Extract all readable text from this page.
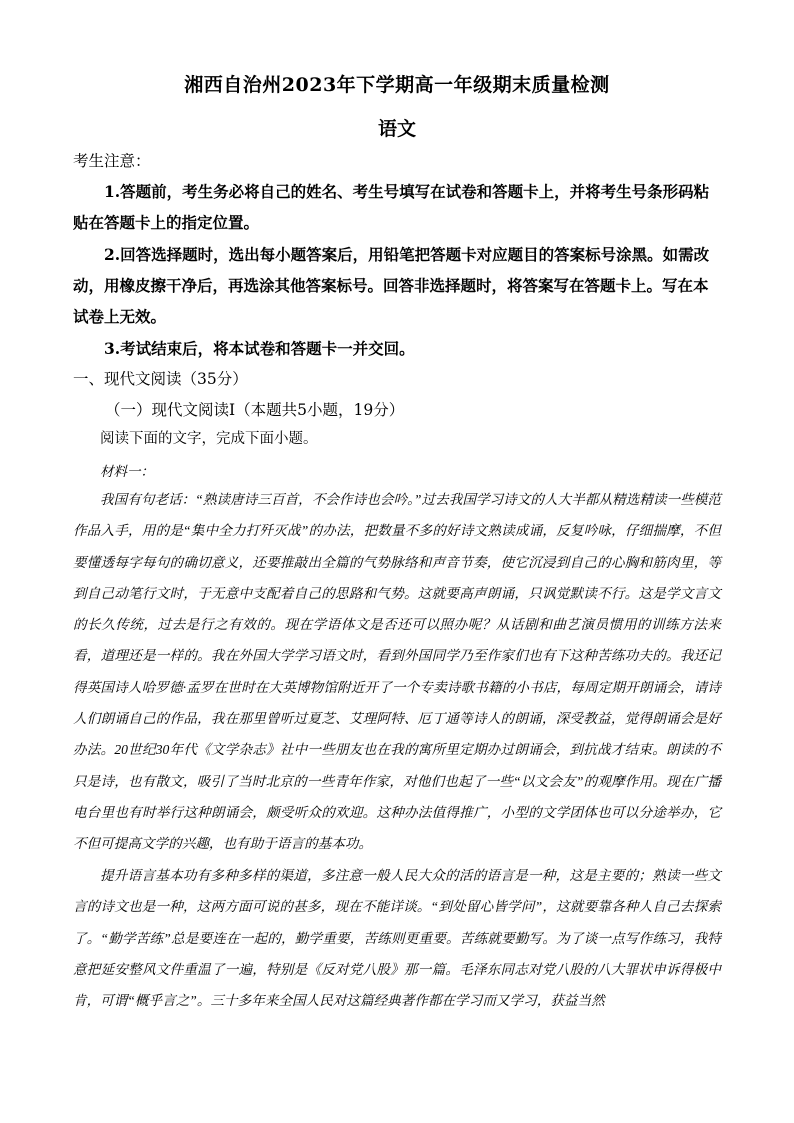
湘西自治州2023年下学期高一年级期末质量检测
语文
考生注意：
1.答题前，考生务必将自己的姓名、考生号填写在试卷和答题卡上，并将考生号条形码粘贴在答题卡上的指定位置。
2.回答选择题时，选出每小题答案后，用铅笔把答题卡对应题目的答案标号涂黑。如需改动，用橡皮擦干净后，再选涂其他答案标号。回答非选择题时，将答案写在答题卡上。写在本试卷上无效。
3.考试结束后，将本试卷和答题卡一并交回。
一、现代文阅读（35分）
（一）现代文阅读Ⅰ（本题共5小题，19分）
阅读下面的文字，完成下面小题。
材料一：
我国有句老话：“熟读唐诗三百首，不会作诗也会吟。”过去我国学习诗文的人大半都从精选精读一些模范作品入手，用的是“集中全力打歼灭战”的办法，把数量不多的好诗文熟读成诵，反复吟咏，仔细揣摩，不但要懂透每字每句的确切意义，还要推敲出全篇的气势脉络和声音节奏，使它沉浸到自己的心胸和筋肉里，等到自己动笔行文时，于无意中支配着自己的思路和气势。这就要高声朗诵，只讽觉默读不行。这是学文言文的长久传统，过去是行之有效的。现在学语体文是否还可以照办呢？从话剧和曲艺演员惯用的训练方法来看，道理还是一样的。我在外国大学学习语文时，看到外国同学乃至作家们也有下这种苦练功夫的。我还记得英国诗人哈罗德·孟罗在世时在大英博物馆附近开了一个专卖诗歌书籍的小书店，每周定期开朗诵会，请诗人们朗诵自己的作品，我在那里曾听过夏芝、艾理阿特、厄丁通等诗人的朗诵，深受教益，觉得朗诵会是好办法。20世纪30年代《文学杂志》社中一些朋友也在我的寓所里定期办过朗诵会，到抗战才结束。朗读的不只是诗，也有散文，吸引了当时北京的一些青年作家，对他们也起了一些“以文会友”的观摩作用。现在广播电台里也有时举行这种朗诵会，颇受听众的欢迎。这种办法值得推广，小型的文学团体也可以分途举办，它不但可提高文学的兴趣，也有助于语言的基本功。
提升语言基本功有多种多样的渠道，多注意一般人民大众的活的语言是一种，这是主要的；熟读一些文言的诗文也是一种，这两方面可说的甚多，现在不能详谈。“到处留心皆学问”，这就要靠各种人自己去探索了。“勤学苦练”总是要连在一起的，勤学重要，苦练则更重要。苦练就要勤写。为了谈一点写作练习，我特意把延安整风文件重温了一遍，特别是《反对党八股》那一篇。毛泽东同志对党八股的八大罪状申诉得极中肯，可谓“概乎言之”。三十多年来全国人民对这篇经典著作都在学习而又学习，获益当然
